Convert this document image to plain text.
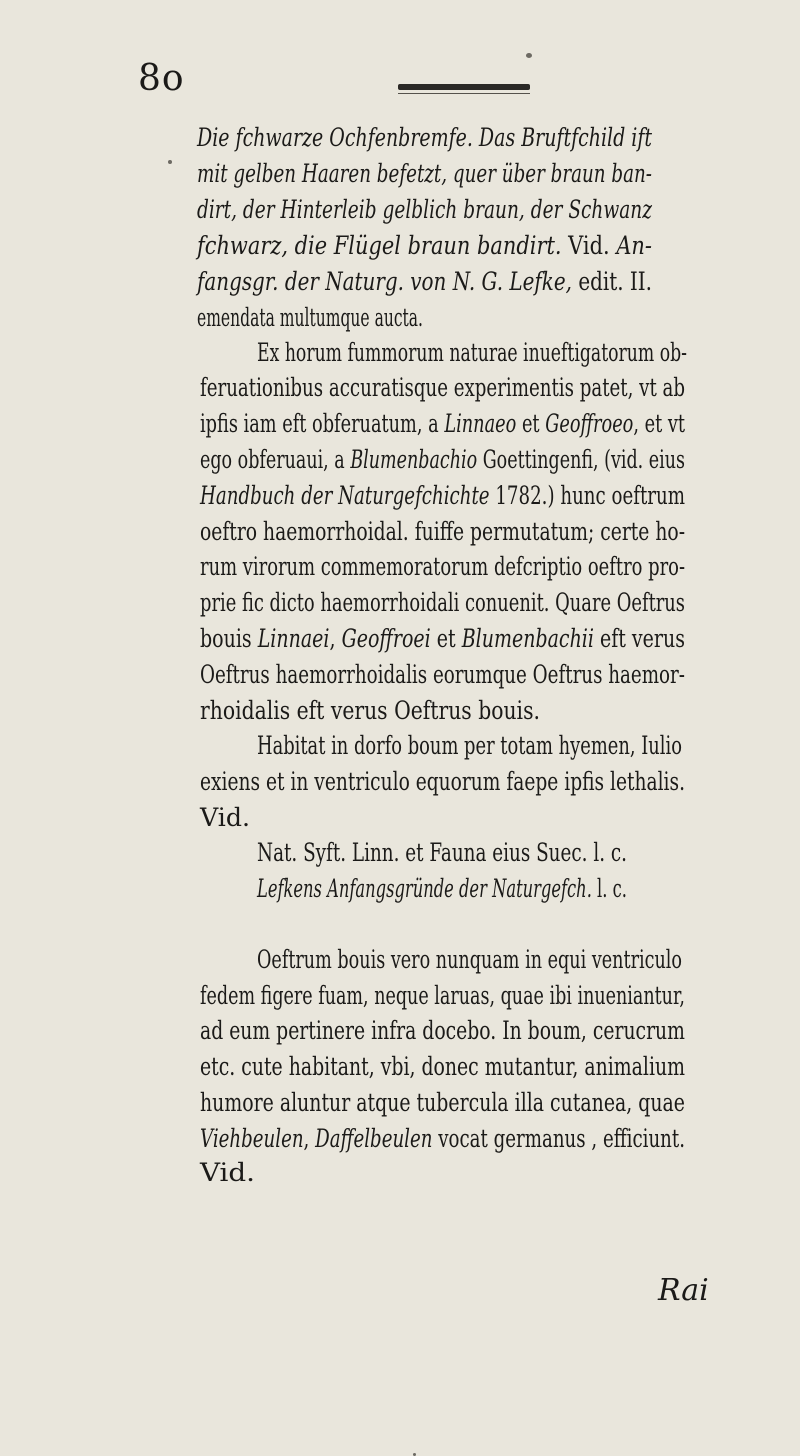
8o
Die fchwarze Ochfenbremfe. Das Bruftfchild ift
mit gelben Haaren befetzt, quer über braun ban-
dirt, der Hinterleib gelblich braun, der Schwanz
fchwarz, die Flügel braun bandirt. Vid. An-
fangsgr. der Naturg. von N. G. Lefke, edit. II.
emendata multumque aucta.
Ex horum fummorum naturae inueftigatorum ob-
feruationibus accuratisque experimentis patet, vt ab
ipfis iam eft obferuatum, a Linnaeo et Geoffroeo, et vt
ego obferuaui, a Blumenbachio Goettingenfi, (vid. eius
Handbuch der Naturgefchichte 1782.) hunc oeftrum
oeftro haemorrhoidal. fuiffe permutatum; certe ho-
rum virorum commemoratorum defcriptio oeftro pro-
prie fic dicto haemorrhoidali conuenit. Quare Oeftrus
bouis Linnaei, Geoffroei et Blumenbachii eft verus
Oeftrus haemorrhoidalis eorumque Oeftrus haemor-
rhoidalis eft verus Oeftrus bouis.
Habitat in dorfo boum per totam hyemen, Iulio
exiens et in ventriculo equorum faepe ipfis lethalis.
Vid.
Nat. Syft. Linn. et Fauna eius Suec. l. c.
Lefkens Anfangsgründe der Naturgefch. l. c.
Oeftrum bouis vero nunquam in equi ventriculo
fedem figere fuam, neque laruas, quae ibi inueniantur,
ad eum pertinere infra docebo. In boum, cerucrum
etc. cute habitant, vbi, donec mutantur, animalium
humore aluntur atque tubercula illa cutanea, quae
Viehbeulen, Daffelbeulen vocat germanus , efficiunt.
Vid.
Rai
